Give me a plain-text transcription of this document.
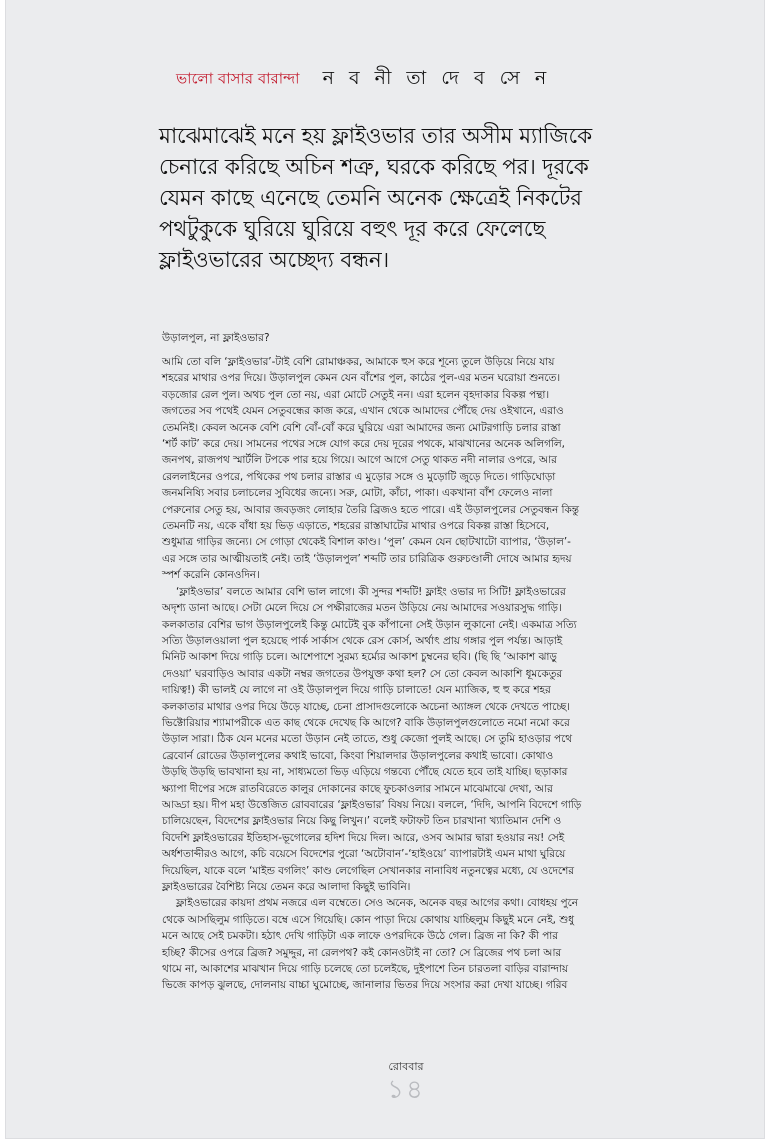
ভালো বাসার বারান্দা ন ব নী তা দে ব সে ন
মাঝেমাঝেই মনে হয় ফ্লাইওভার তার অসীম ম্যাজিকে
চেনারে করিছে অচিন শত্রু, ঘরকে করিছে পর। দূরকে
যেমন কাছে এনেছে তেমনি অনেক ক্ষেত্রেই নিকটের
পথটুকুকে ঘুরিয়ে ঘুরিয়ে বহুৎ দূর করে ফেলেছে
ফ্লাইওভারের অচ্ছেদ্য বন্ধন।
উড়ালপুল, না ফ্লাইওভার?

আমি তো বলি ‘ফ্লাইওভার’-টাই বেশি রোমাঞ্চকর, আমাকে হুস করে শূন্যে তুলে উড়িয়ে নিয়ে যায়
শহরের মাথার ওপর দিয়ে। উড়ালপুল কেমন যেন বাঁশের পুল, কাঠের পুল-এর মতন ঘরোয়া শুনতে।
বড়জোর রেল পুল। অথচ পুল তো নয়, এরা মোটে সেতুই নন। এরা হলেন বৃহদাকার বিকল্প পন্থা।
জগতের সব পথেই যেমন সেতুবন্ধের কাজ করে, এখান থেকে আমাদের পৌঁছে দেয় ওইখানে, এরাও
তেমনিই। কেবল অনেক বেশি বেশি বোঁ-বোঁ করে ঘুরিয়ে এরা আমাদের জন্য মোটরগাড়ি চলার রাস্তা
‘শর্ট কাট’ করে দেয়। সামনের পথের সঙ্গে যোগ করে দেয় দূরের পথকে, মাঝখানের অনেক অলিগলি,
জনপথ, রাজপথ স্মার্টলি টপকে পার হয়ে গিয়ে। আগে আগে সেতু থাকত নদী নালার ওপরে, আর
রেললাইনের ওপরে, পথিকের পথ চলার রাস্তার এ মুড়োর সঙ্গে ও মুড়োটি জুড়ে দিতে। গাড়িঘোড়া
জনমনিষ্যি সবার চলাচলের সুবিধের জন্যে। সরু, মোটা, কাঁচা, পাকা। একখানা বাঁশ ফেলেও নালা
পেরুনোর সেতু হয়, আবার জবড়জং লোহার তৈরি ব্রিজও হতে পারে। এই উড়ালপুলের সেতুবন্ধন কিন্তু
তেমনটি নয়, একে বাঁধা হয় ভিড় এড়াতে, শহরের রাস্তাঘাটের মাথার ওপরে বিকল্প রাস্তা হিসেবে,
শুধুমাত্র গাড়ির জন্যে। সে গোড়া থেকেই বিশাল কাণ্ড। ‘পুল’ কেমন যেন ছোটখাটো ব্যাপার, ‘উড়াল’-
এর সঙ্গে তার আত্মীয়তাই নেই। তাই ‘উড়ালপুল’ শব্দটি তার চারিত্রিক গুরুচণ্ডালী দোষে আমার হৃদয়
স্পর্শ করেনি কোনওদিন।

‘ফ্লাইওভার’ বলতে আমার বেশি ভাল লাগে। কী সুন্দর শব্দটি! ফ্লাইং ওভার দ্য সিটি! ফ্লাইওভারের
অদৃশ্য ডানা আছে। সেটা মেলে দিয়ে সে পক্ষীরাজের মতন উড়িয়ে নেয় আমাদের সওয়ারসুদ্ধ গাড়ি।
কলকাতার বেশির ভাগ উড়ালপুলেই কিন্তু মোটেই বুক কাঁপানো সেই উড়ান লুকানো নেই। একমাত্র সত্যি
সত্যি উড়ালওয়ালা পুল হয়েছে পার্ক সার্কাস থেকে রেস কোর্স, অর্থাৎ প্রায় গঙ্গার পুল পর্যন্ত। আড়াই
মিনিট আকাশ দিয়ে গাড়ি চলে। আশেপাশে সুরম্য হর্ম্যের আকাশ চুম্বনের ছবি। (ছি ছি ‘আকাশ ঝাড়ু
দেওয়া’ ঘরবাড়িও আবার একটা নম্বর জগতের উপযুক্ত কথা হল? সে তো কেবল আকাশি ধূমকেতুর
দায়িত্ব!) কী ভালই যে লাগে না ওই উড়ালপুল দিয়ে গাড়ি চালাতে! যেন ম্যাজিক, হু হু করে শহর
কলকাতার মাথার ওপর দিয়ে উড়ে যাচ্ছে, চেনা প্রাসাদগুলোকে অচেনা অ্যাঙ্গল থেকে দেখতে পাচ্ছে।
ভিক্টোরিয়ার শ্যামাপরীকে এত কাছ থেকে দেখেছ কি আগে? বাকি উড়ালপুলগুলোতে নমো নমো করে
উড়াল সারা। ঠিক যেন মনের মতো উড়ান নেই তাতে, শুধু কেজো পুলই আছে। সে তুমি হাওড়ার পথে
ব্রেবোর্ন রোডের উড়ালপুলের কথাই ভাবো, কিংবা শিয়ালদার উড়ালপুলের কথাই ভাবো। কোথাও
উড়ছি উড়ছি ভাবখানা হয় না, সাধ্যমতো ভিড় এড়িয়ে গন্তব্যে পৌঁছে যেতে হবে তাই যাচ্ছি। ছড়াকার
ক্ষ্যাপা দীপের সঙ্গে রাতবিরেতে কালুর দোকানের কাছে ফুচকাওলার সামনে মাঝেমাঝে দেখা, আর
আড্ডা হয়। দীপ মহা উত্তেজিত রোববারের ‘ফ্লাইওভার’ বিষয় নিয়ে। বললে, ‘দিদি, আপনি বিদেশে গাড়ি
চালিয়েছেন, বিদেশের ফ্লাইওভার নিয়ে কিছু লিখুন।’ বলেই ফটাফট তিন চারখানা খ্যাতিমান দেশি ও
বিদেশি ফ্লাইওভারের ইতিহাস-ভূগোলের হদিশ দিয়ে দিল। আরে, ওসব আমার দ্বারা হওয়ার নয়! সেই
অর্ধশতাব্দীরও আগে, কচি বয়েসে বিদেশের পুরো ‘অটোবান’-‘হাইওয়ে’ ব্যাপারটাই এমন মাথা ঘুরিয়ে
দিয়েছিল, যাকে বলে ‘মাইন্ড বগলিং’ কাণ্ড লেগেছিল সেখানকার নানাবিধ নতুনত্বের মধ্যে, যে ওদেশের
ফ্লাইওভারের বৈশিষ্ট্য নিয়ে তেমন করে আলাদা কিছুই ভাবিনি।

ফ্লাইওভারের কায়দা প্রথম নজরে এল বম্বেতে। সেও অনেক, অনেক বছর আগের কথা। বোধহয় পুনে
থেকে আসছিলুম গাড়িতে। বম্বে এসে গিয়েছি। কোন পাড়া দিয়ে কোথায় যাচ্ছিলুম কিছুই মনে নেই, শুধু
মনে আছে সেই চমকটা। হঠাৎ দেখি গাড়িটা এক লাফে ওপরদিকে উঠে গেল। ব্রিজ না কি? কী পার
হচ্ছি? কীসের ওপরে ব্রিজ? সমুদ্দুর, না রেলপথ? কই কোনওটাই না তো? সে ব্রিজের পথ চলা আর
থামে না, আকাশের মাঝখান দিয়ে গাড়ি চলেছে তো চলেইছে, দুইপাশে তিন চারতলা বাড়ির বারান্দায়
ভিজে কাপড় ঝুলছে, দোলনায় বাচ্চা ঘুমোচ্ছে, জানালার ভিতর দিয়ে সংসার করা দেখা যাচ্ছে। গরিব

রোববার
১৪
